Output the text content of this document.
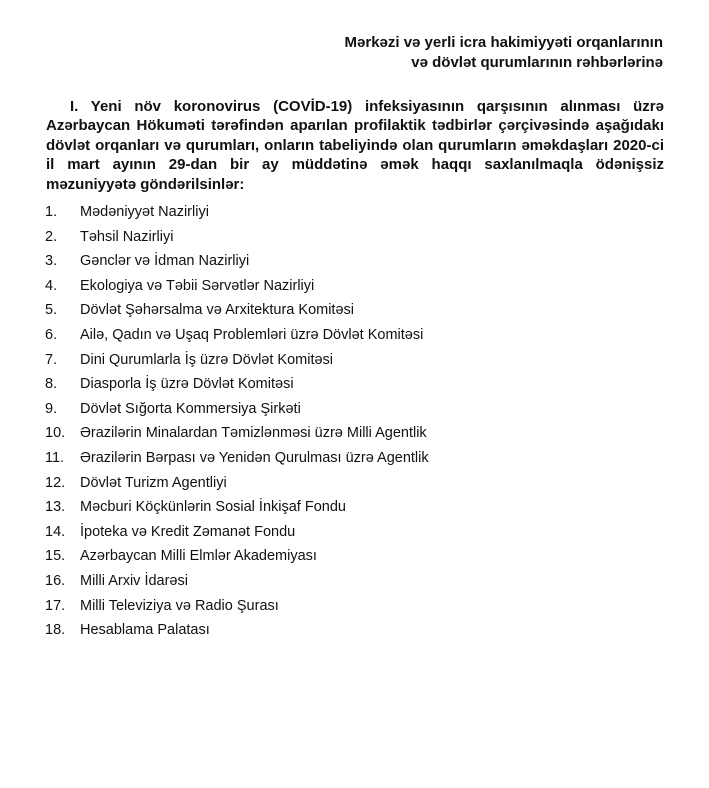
Mərkəzi və yerli icra hakimiyyəti orqanlarının
və dövlət qurumlarının rəhbərlərinə
I. Yeni növ koronovirus (COVİD-19) infeksiyasının qarşısının alınması üzrə Azərbaycan Hökuməti tərəfindən aparılan profilaktik tədbirlər çərçivəsində aşağıdakı dövlət orqanları və qurumları, onların tabeliyində olan qurumların əməkdaşları 2020-ci il mart ayının 29-dan bir ay müddətinə əmək haqqı saxlanılmaqla ödənişsiz məzuniyyətə göndərilsinlər:
1. Mədəniyyət Nazirliyi
2. Təhsil Nazirliyi
3. Gənclər və İdman Nazirliyi
4. Ekologiya və Təbii Sərvətlər Nazirliyi
5. Dövlət Şəhərsalma və Arxitektura Komitəsi
6. Ailə, Qadın və Uşaq Problemləri üzrə Dövlət Komitəsi
7. Dini Qurumlarla İş üzrə Dövlət Komitəsi
8. Diasporla İş üzrə Dövlət Komitəsi
9. Dövlət Sığorta Kommersiya Şirkəti
10. Ərazilərin Minalardan Təmizlənməsi üzrə Milli Agentlik
11. Ərazilərin Bərpası və Yenidən Qurulması üzrə Agentlik
12. Dövlət Turizm Agentliyi
13. Məcburi Köçkünlərin Sosial İnkişaf Fondu
14. İpoteka və Kredit Zəmanət Fondu
15. Azərbaycan Milli Elmlər Akademiyası
16. Milli Arxiv İdarəsi
17. Milli Televiziya və Radio Şurası
18. Hesablama Palatası
